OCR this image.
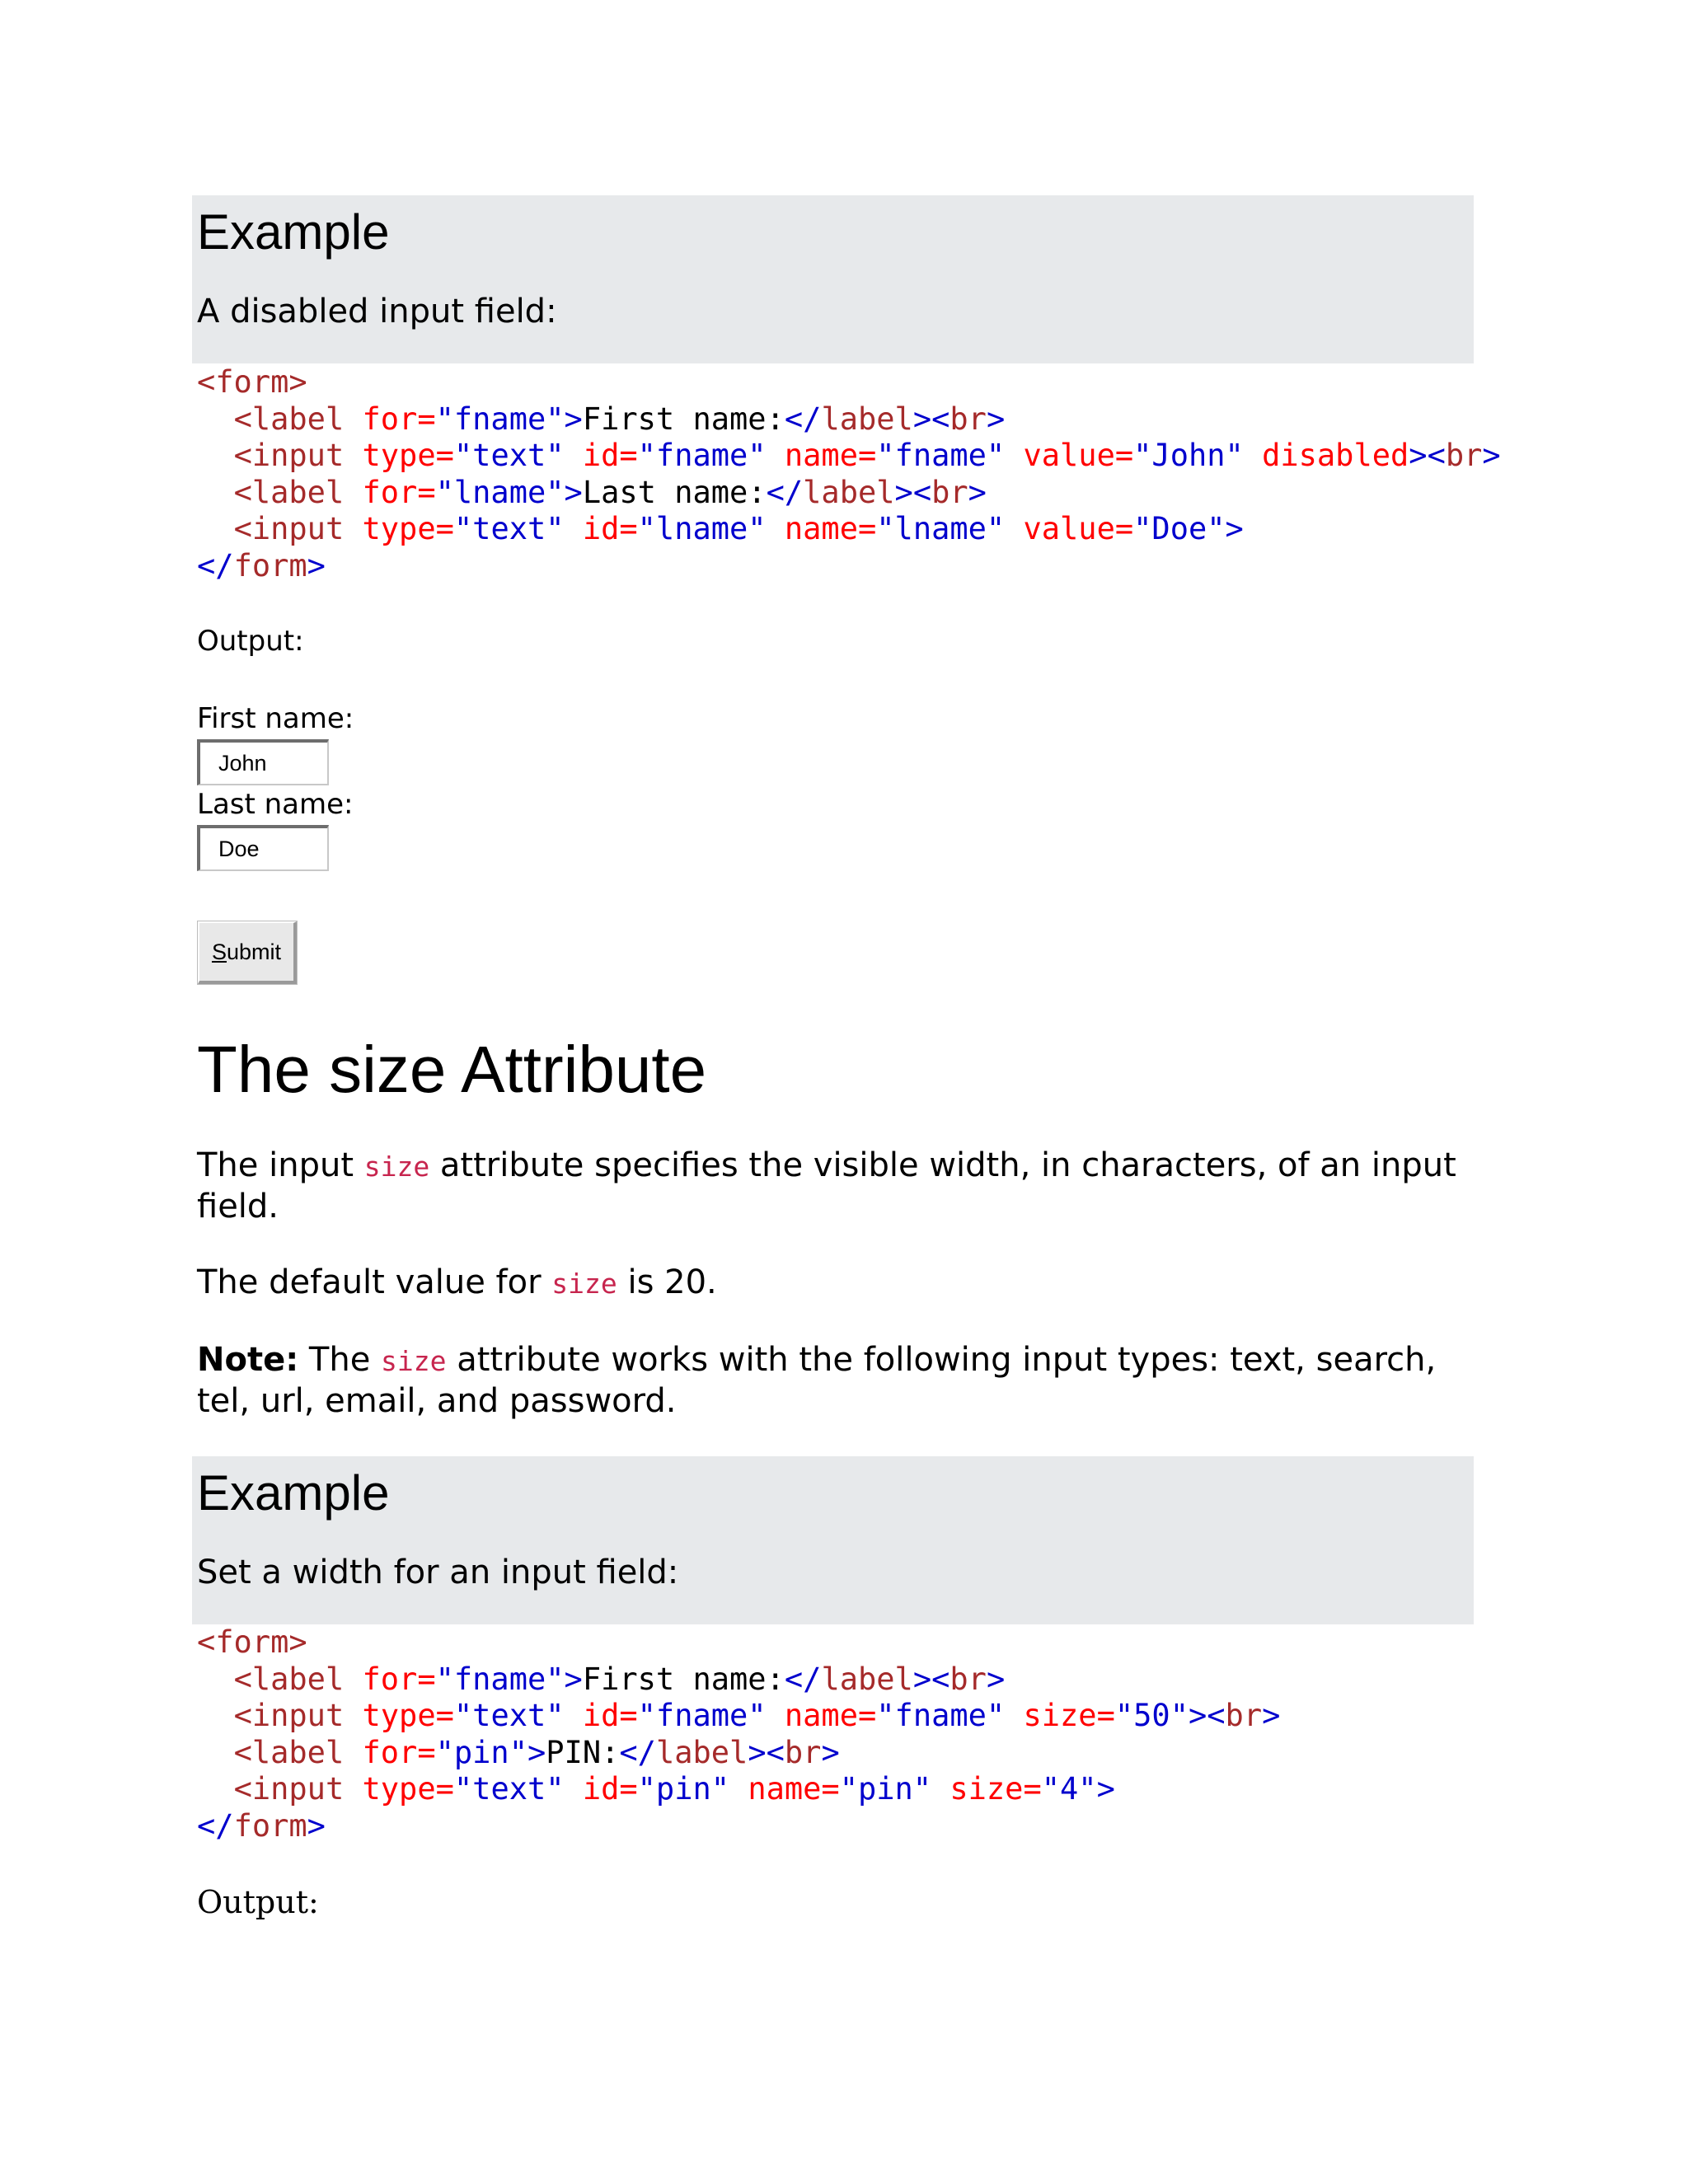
Example
A disabled input field:
<form>
<label for="fname">First name:</label><br>
<input type="text" id="fname" name="fname" value="John" disabled><br>
<label for="lname">Last name:</label><br>
<input type="text" id="lname" name="lname" value="Doe">
</form>
Output:
First name:
John
Last name:
Doe
Submit
The size Attribute
The input size attribute specifies the visible width, in characters, of an input field.
The default value for size is 20.
Note: The size attribute works with the following input types: text, search, tel, url, email, and password.
Example
Set a width for an input field:
<form>
<label for="fname">First name:</label><br>
<input type="text" id="fname" name="fname" size="50"><br>
<label for="pin">PIN:</label><br>
<input type="text" id="pin" name="pin" size="4">
</form>
Output:
